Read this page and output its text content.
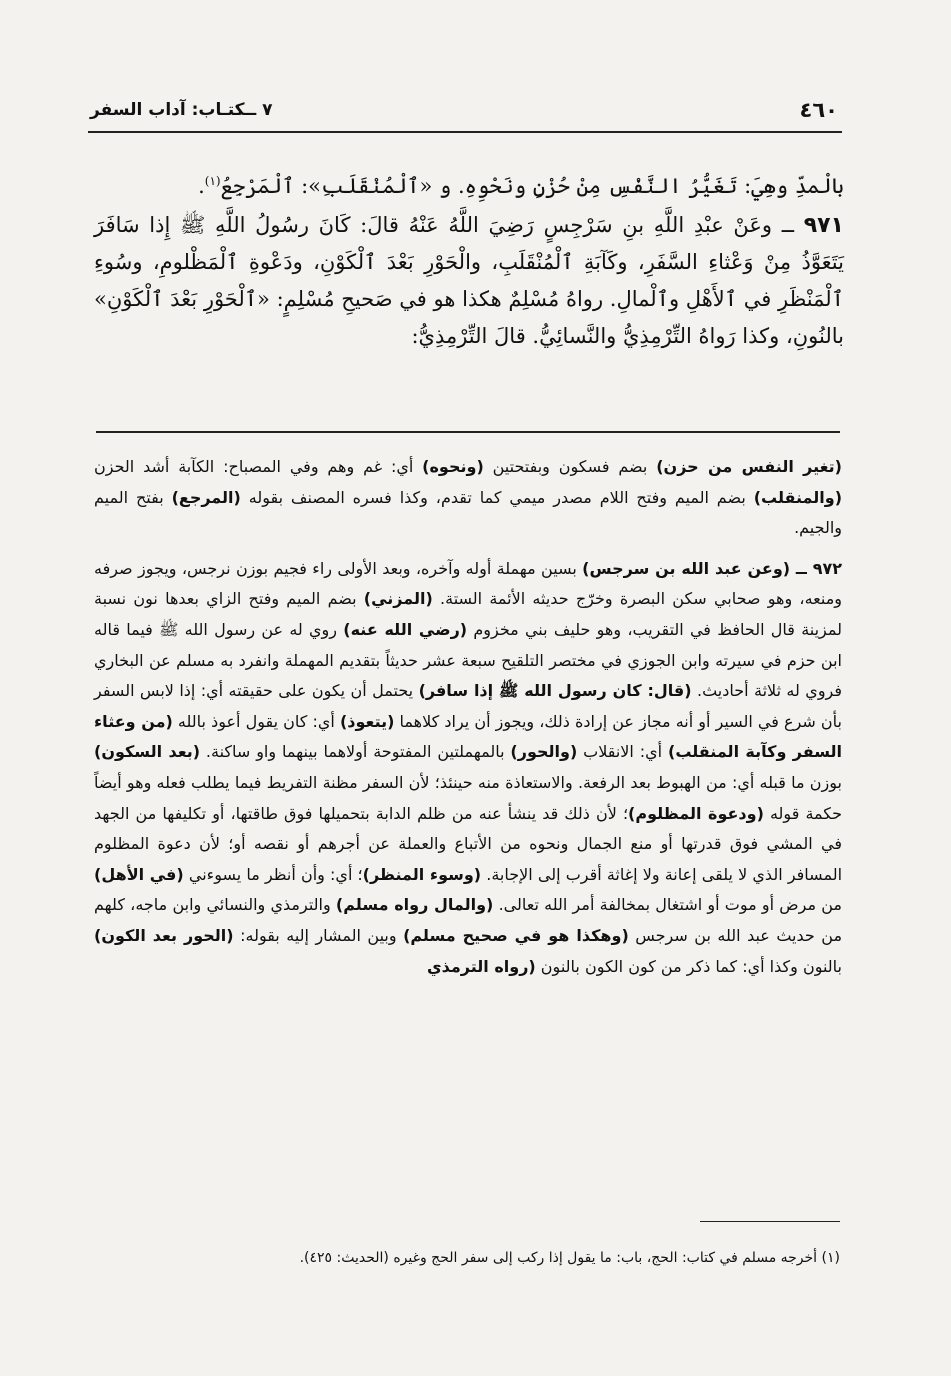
٤٦٠
٧ ــكتـاب: آداب السفر

بالْمدِّ وهِيَ: تَغَيُّرُ النَّفْسِ مِنْ حُزْنٍ ونَحْوِهِ. و «ٱلْمُنْقَلَبِ»: ٱلْمَرْجِعُ$^{(١)}$.

٩٧١ ــ وعَنْ عبْدِ اللَّهِ بنِ سَرْجِسٍ رَضِيَ اللَّهُ عَنْهُ قالَ: كَانَ رسُولُ اللَّهِ ﷺ إِذا سَافَرَ يَتَعَوَّذُ مِنْ وَعْثاءِ السَّفَرِ، وكَآبَةِ ٱلْمُنْقَلَبِ، والْحَوْرِ بَعْدَ ٱلْكَوْنِ، ودَعْوةِ ٱلْمَظْلومِ، وسُوءِ ٱلْمَنْظَرِ في ٱلأَهْلِ وٱلْمالِ. رواهُ مُسْلِمٌ هكذا هو في صَحيحِ مُسْلِمٍ: «ٱلْحَوْرِ بَعْدَ ٱلْكَوْنِ» بالنُونِ، وكذا رَواهُ التِّرْمِذِيُّ والنَّسائِيُّ. قالَ التِّرْمِذِيُّ:

(تغير النفس من حزن) بضم فسكون وبفتحتين (ونحوه) أي: غم وهم وفي المصباح: الكآبة أشد الحزن (والمنقلب) بضم الميم وفتح اللام مصدر ميمي كما تقدم، وكذا فسره المصنف بقوله (المرجع) بفتح الميم والجيم.

٩٧٢ ــ (وعن عبد الله بن سرجس) بسين مهملة أوله وآخره، وبعد الأولى راء فجيم بوزن نرجس، ويجوز صرفه ومنعه، وهو صحابي سكن البصرة وخرّج حديثه الأئمة الستة. (المزني) بضم الميم وفتح الزاي بعدها نون نسبة لمزينة قال الحافظ في التقريب، وهو حليف بني مخزوم (رضي الله عنه) روي له عن رسول الله ﷺ فيما قاله ابن حزم في سيرته وابن الجوزي في مختصر التلقيح سبعة عشر حديثاً بتقديم المهملة وانفرد به مسلم عن البخاري فروي له ثلاثة أحاديث. (قال: كان رسول الله ﷺ إذا سافر) يحتمل أن يكون على حقيقته أي: إذا لابس السفر بأن شرع في السير أو أنه مجاز عن إرادة ذلك، ويجوز أن يراد كلاهما (يتعوذ) أي: كان يقول أعوذ بالله (من وعثاء السفر وكآبة المنقلب) أي: الانقلاب (والحور) بالمهملتين المفتوحة أولاهما بينهما واو ساكنة. (بعد السكون) بوزن ما قبله أي: من الهبوط بعد الرفعة. والاستعاذة منه حينئذ؛ لأن السفر مظنة التفريط فيما يطلب فعله وهو أيضاً حكمة قوله (ودعوة المظلوم)؛ لأن ذلك قد ينشأ عنه من ظلم الدابة بتحميلها فوق طاقتها، أو تكليفها من الجهد في المشي فوق قدرتها أو منع الجمال ونحوه من الأتباع والعملة عن أجرهم أو نقصه أو؛ لأن دعوة المظلوم المسافر الذي لا يلقى إعانة ولا إغاثة أقرب إلى الإجابة. (وسوء المنظر)؛ أي: وأن أنظر ما يسوءني (في الأهل) من مرض أو موت أو اشتغال بمخالفة أمر الله تعالى. (والمال رواه مسلم) والترمذي والنسائي وابن ماجه، كلهم من حديث عبد الله بن سرجس (وهكذا هو في صحيح مسلم) وبين المشار إليه بقوله: (الحور بعد الكون) بالنون وكذا أي: كما ذكر من كون الكون بالنون (رواه الترمذي

(١) أخرجه مسلم في كتاب: الحج، باب: ما يقول إذا ركب إلى سفر الحج وغيره (الحديث: ٤٢٥).
